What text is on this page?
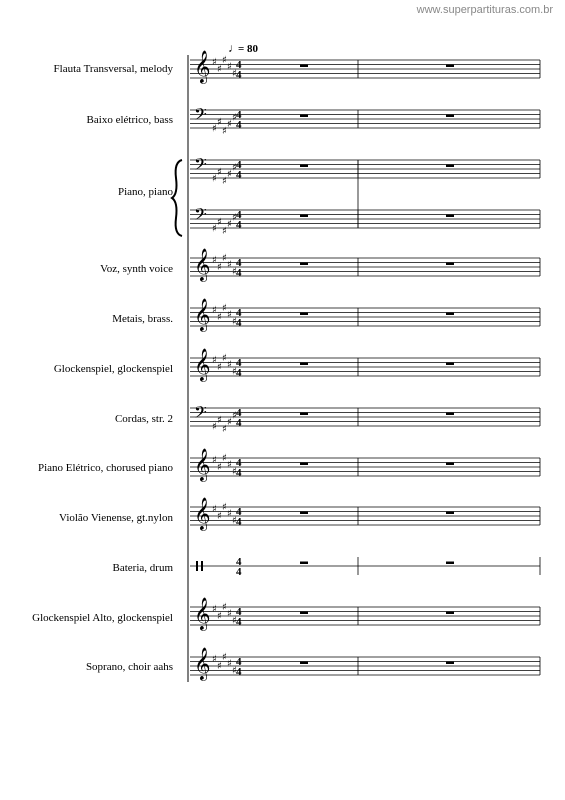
www.superpartituras.com.br
Flauta Transversal, melody
Baixo elétrico, bass
Piano, piano
Voz, synth voice
Metais, brass.
Glockenspiel, glockenspiel
Cordas, str. 2
Piano Elétrico, chorused piano
Violão Vienense, gt.nylon
Bateria, drum
Glockenspiel Alto, glockenspiel
Soprano, choir aahs
♩
= 80
𝄞 ♯
♯
♯
♯
♯
4
4
𝄢
♯
♯
♯
♯
♯ 4
4
𝄢
♯
♯
♯
♯
♯ 4
4
𝄢
♯
♯
♯
♯
♯ 4
4
𝄞 ♯
♯
♯
♯
♯
4
4
𝄞 ♯
♯
♯
♯
♯
4
4
𝄞 ♯
♯
♯
♯
♯
4
4
𝄢
♯
♯
♯
♯
♯ 4
4
𝄞 ♯
♯
♯
♯
♯
4
4
𝄞 ♯
♯
♯
♯
♯
4
4
4
4
𝄞 ♯
♯
♯
♯
♯
4
4
𝄞 ♯
♯
♯
♯
♯
4
4
